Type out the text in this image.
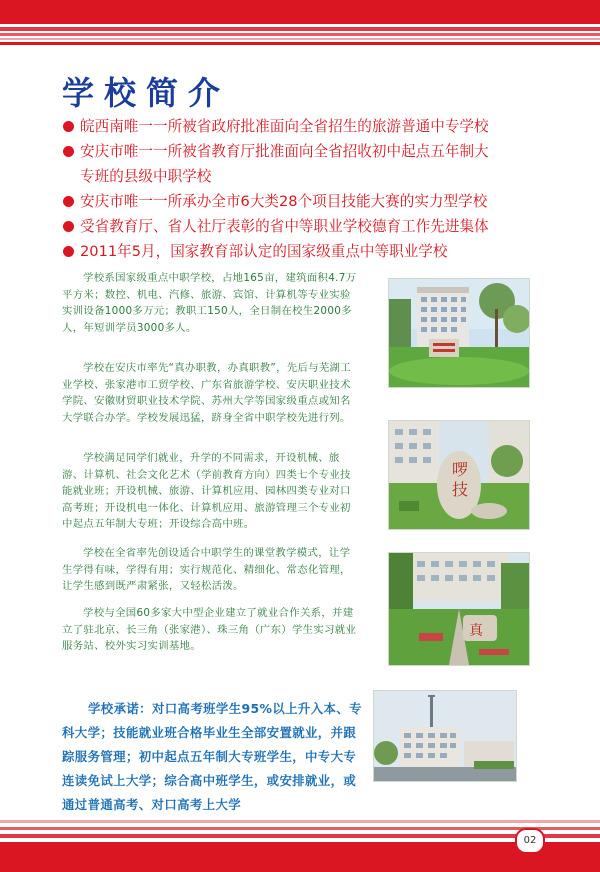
学校简介
皖西南唯一一所被省政府批准面向全省招生的旅游普通中专学校
安庆市唯一一所被省教育厅批准面向全省招收初中起点五年制大
专班的县级中职学校
安庆市唯一一所承办全市6大类28个项目技能大赛的实力型学校
受省教育厅、省人社厅表彰的省中等职业学校德育工作先进集体
2011年5月，国家教育部认定的国家级重点中等职业学校
学校系国家级重点中职学校，占地165亩，建筑面积4.7万平方米；数控、机电、汽修、旅游、宾馆、计算机等专业实验实训设备1000多万元；教职工150人，全日制在校生2000多人，年短训学员3000多人。
学校在安庆市率先“真办职教，办真职教”，先后与芜湖工业学校、张家港市工贸学校、广东省旅游学校、安庆职业技术学院、安徽财贸职业技术学院、苏州大学等国家级重点或知名大学联合办学。学校发展迅猛，跻身全省中职学校先进行列。
学校满足同学们就业，升学的不同需求，开设机械、旅游、计算机、社会文化艺术（学前教育方向）四类七个专业技能就业班；开设机械、旅游、计算机应用、园林四类专业对口高考班；开设机电一体化、计算机应用、旅游管理三个专业初中起点五年制大专班；开设综合高中班。
学校在全省率先创设适合中职学生的课堂教学模式，让学生学得有味，学得有用；实行规范化、精细化、常态化管理，让学生感到既严肃紧张，又轻松活泼。
学校与全国60多家大中型企业建立了就业合作关系，并建立了驻北京、长三角（张家港）、珠三角（广东）学生实习就业服务站、校外实习实训基地。
啰
技
真
学校承诺：对口高考班学生95%以上升入本、专科大学；技能就业班合格毕业生全部安置就业，并跟踪服务管理；初中起点五年制大专班学生，中专大专连读免试上大学；综合高中班学生，或安排就业，或通过普通高考、对口高考上大学
02
